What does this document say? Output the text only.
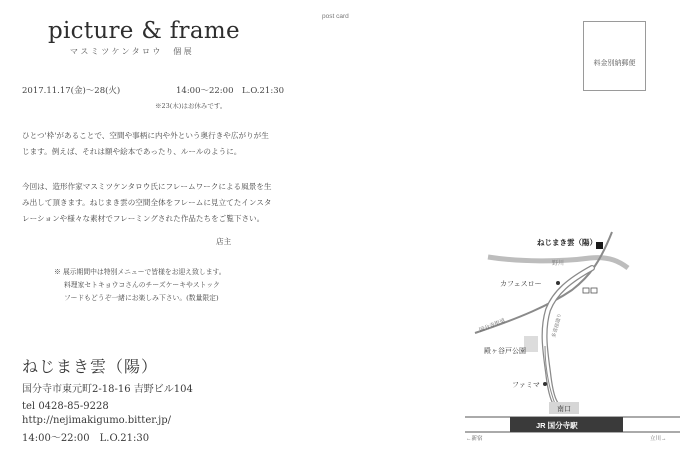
picture & frame
マスミツケンタロウ　個展
2017.11.17(金)～28(火)	14:00～22:00　L.O.21:30
※23(木)はお休みです。
ひとつ'枠'があることで、空間や事柄に内や外という奥行きや広がりが生じます。例えば、それは額や絵本であったり、ルールのように。
今回は、造形作家マスミツケンタロウ氏にフレームワークによる風景を生み出して頂きます。ねじまき雲の空間全体をフレームに見立てたインスタレーションや様々な素材でフレーミングされた作品たちをご覧下さい。
店主
※ 展示期間中は特別メニューで皆様をお迎え致します。
料理家セトキョウコさんのチーズケーキやストック
フードもどうぞ一緒にお楽しみ下さい。(数量限定)
ねじまき雲（陽）
国分寺市東元町2-18-16 吉野ビル104
tel 0428-85-9228
http://nejimakigumo.bitter.jp/
14:00～22:00　L.O.21:30
post card
料金別納郵便
ねじまき雲（陽）
野川
カフェスロー
国分寺街道	多喜窪通り
殿ヶ谷戸公園
ファミマ
南口
JR 国分寺駅
←新宿	立川→
